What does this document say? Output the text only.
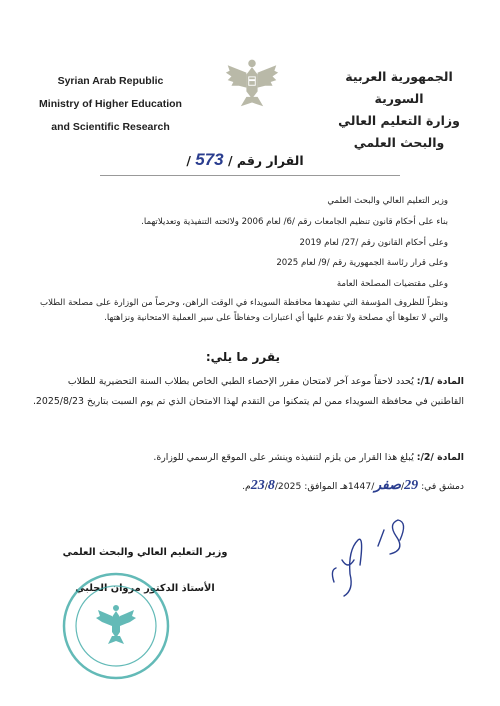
Syrian Arab Republic
Ministry of Higher Education
and Scientific Research
الجمهورية العربية السورية
وزارة التعليم العالي
والبحث العلمي
القرار رقم / 573 /

وزير التعليم العالي والبحث العلمي

بناء على أحكام قانون تنظيم الجامعات رقم /6/ لعام 2006 ولائحته التنفيذية وتعديلاتهما.

وعلى أحكام القانون رقم /27/ لعام 2019

وعلى قرار رئاسة الجمهورية رقم /9/ لعام 2025

وعلى مقتضيات المصلحة العامة

ونظراً للظروف المؤسفة التي تشهدها محافظة السويداء في الوقت الراهن، وحرصاً من الوزارة على مصلحة الطلاب والتي لا تعلوها أي مصلحة ولا تقدم عليها أي اعتبارات وحفاظاً على سير العملية الامتحانية ونزاهتها.

يقرر ما يلي:
المادة /1/: يُحدد لاحقاً موعد آخر لامتحان مقرر الإحصاء الطبي الخاص بطلاب السنة التحضيرية للطلاب القاطنين في محافظة السويداء ممن لم يتمكنوا من التقدم لهذا الامتحان الذي تم يوم السبت بتاريخ 2025/8/23.
المادة /2/: يُبلغ هذا القرار من يلزم لتنفيذه وينشر على الموقع الرسمي للوزارة.
دمشق في: 29/صفر/1447هـ الموافق: 23/8/2025م.
وزير التعليم العالي والبحث العلمي
الأستاذ الدكتور مروان الحلبي
